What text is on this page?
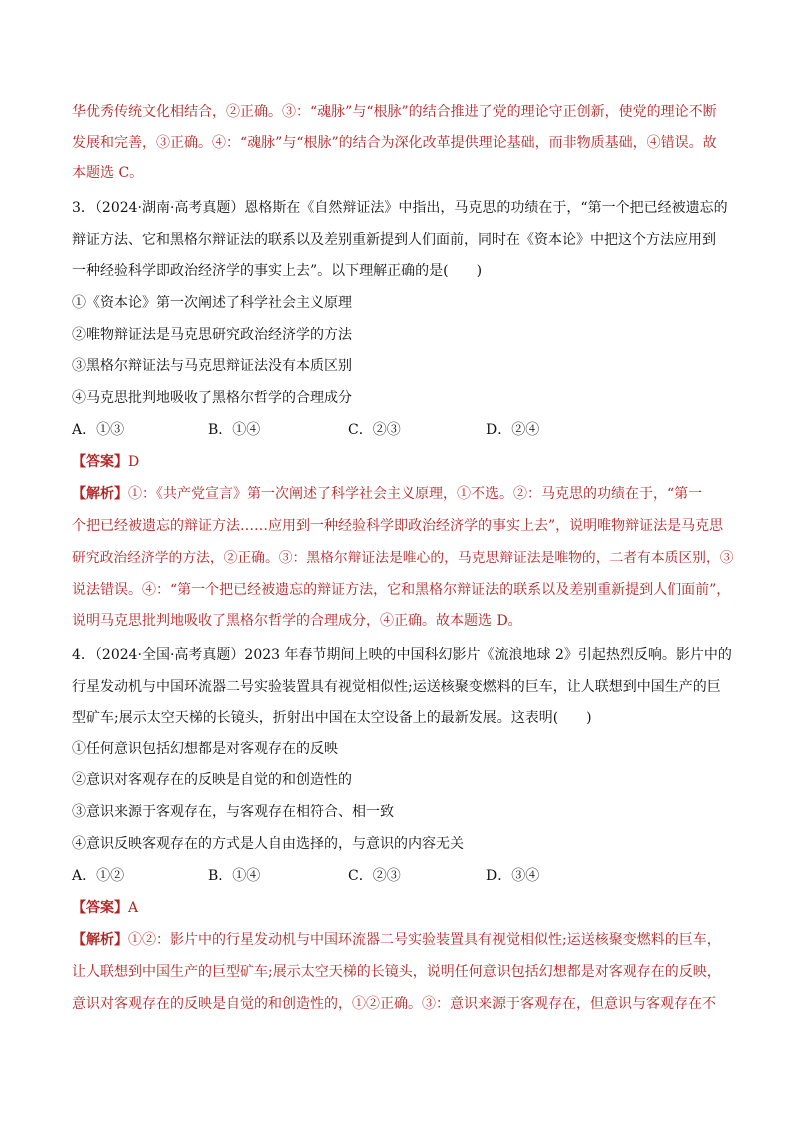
华优秀传统文化相结合，②正确。③：“魂脉”与“根脉”的结合推进了党的理论守正创新，使党的理论不断

发展和完善，③正确。④：“魂脉”与“根脉”的结合为深化改革提供理论基础，而非物质基础，④错误。故

本题选 C。

3．（2024·湖南·高考真题）恩格斯在《自然辩证法》中指出，马克思的功绩在于，“第一个把已经被遗忘的

辩证方法、它和黑格尔辩证法的联系以及差别重新提到人们面前，同时在《资本论》中把这个方法应用到

一种经验科学即政治经济学的事实上去”。以下理解正确的是(　　)

①《资本论》第一次阐述了科学社会主义原理

②唯物辩证法是马克思研究政治经济学的方法

③黑格尔辩证法与马克思辩证法没有本质区别

④马克思批判地吸收了黑格尔哲学的合理成分

A．①③	B．①④	C．②③	D．②④

【答案】D

【解析】①：《共产党宣言》第一次阐述了科学社会主义原理，①不选。②：马克思的功绩在于，“第一

个把已经被遗忘的辩证方法……应用到一种经验科学即政治经济学的事实上去”，说明唯物辩证法是马克思

研究政治经济学的方法，②正确。③：黑格尔辩证法是唯心的，马克思辩证法是唯物的，二者有本质区别，③

说法错误。④：“第一个把已经被遗忘的辩证方法，它和黑格尔辩证法的联系以及差别重新提到人们面前”，

说明马克思批判地吸收了黑格尔哲学的合理成分，④正确。故本题选 D。

4．（2024·全国·高考真题）2023 年春节期间上映的中国科幻影片《流浪地球 2》引起热烈反响。影片中的

行星发动机与中国环流器二号实验装置具有视觉相似性;运送核聚变燃料的巨车，让人联想到中国生产的巨

型矿车;展示太空天梯的长镜头，折射出中国在太空设备上的最新发展。这表明(　　)

①任何意识包括幻想都是对客观存在的反映

②意识对客观存在的反映是自觉的和创造性的

③意识来源于客观存在，与客观存在相符合、相一致

④意识反映客观存在的方式是人自由选择的，与意识的内容无关

A．①②	B．①④	C．②③	D．③④

【答案】A

【解析】①②：影片中的行星发动机与中国环流器二号实验装置具有视觉相似性;运送核聚变燃料的巨车，

让人联想到中国生产的巨型矿车;展示太空天梯的长镜头，说明任何意识包括幻想都是对客观存在的反映，

意识对客观存在的反映是自觉的和创造性的，①②正确。③：意识来源于客观存在，但意识与客观存在不
